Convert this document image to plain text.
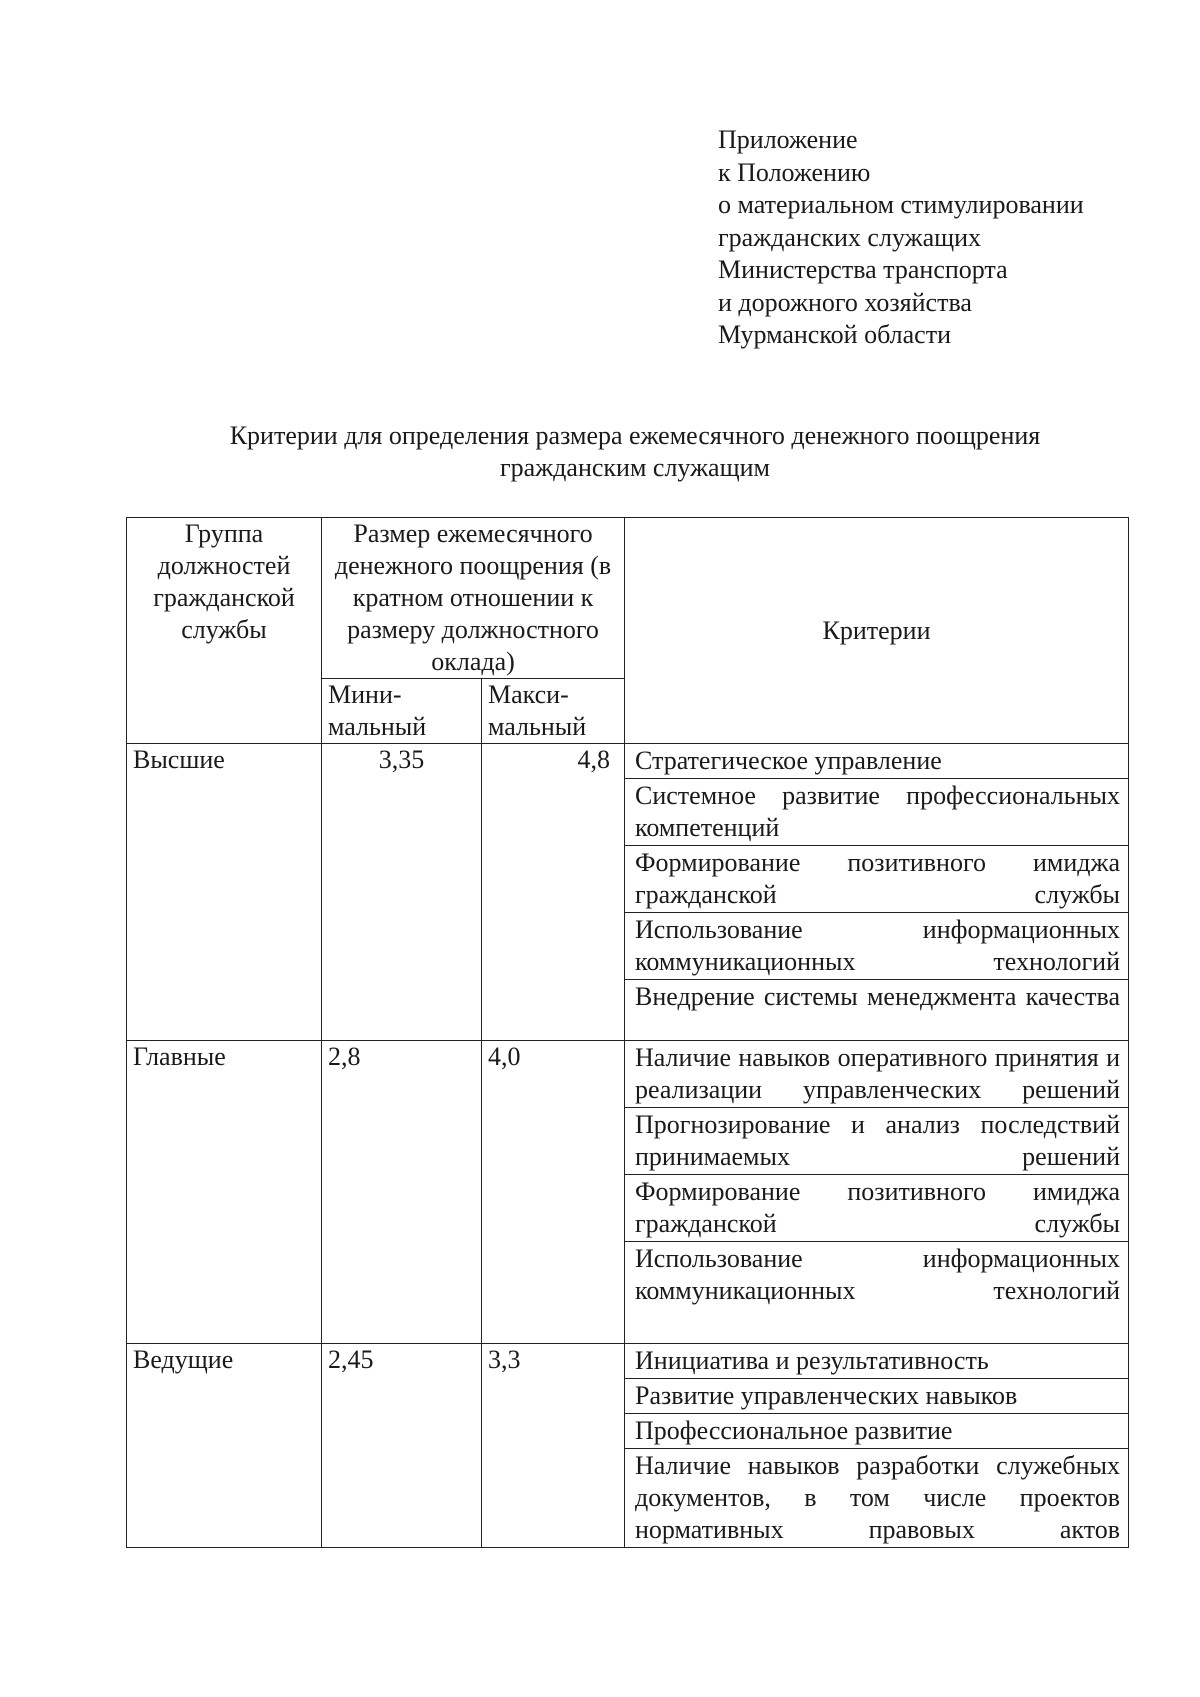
Приложение
к Положению
о материальном стимулировании
гражданских служащих
Министерства транспорта
и дорожного хозяйства
Мурманской области
Критерии для определения размера ежемесячного денежного поощрения
гражданским служащим
Группа должностей гражданской службы	Размер ежемесячного денежного поощрения (в кратном отношении к размеру должностного оклада)		Критерии
	Мини-мальный	Макси-мальный	
Высшие	3,35	4,8	Стратегическое управление
Системное развитие профессиональных компетенций
Формирование позитивного имиджа гражданской службы
Использование информационных коммуникационных технологий
Внедрение системы менеджмента качества

Главные	2,8	4,0	Наличие навыков оперативного принятия и реализации управленческих решений
Прогнозирование и анализ последствий принимаемых решений
Формирование позитивного имиджа гражданской службы
Использование информационных коммуникационных технологий

Ведущие	2,45	3,3	Инициатива и результативность
Развитие управленческих навыков
Профессиональное развитие
Наличие навыков разработки служебных документов, в том числе проектов нормативных правовых актов
